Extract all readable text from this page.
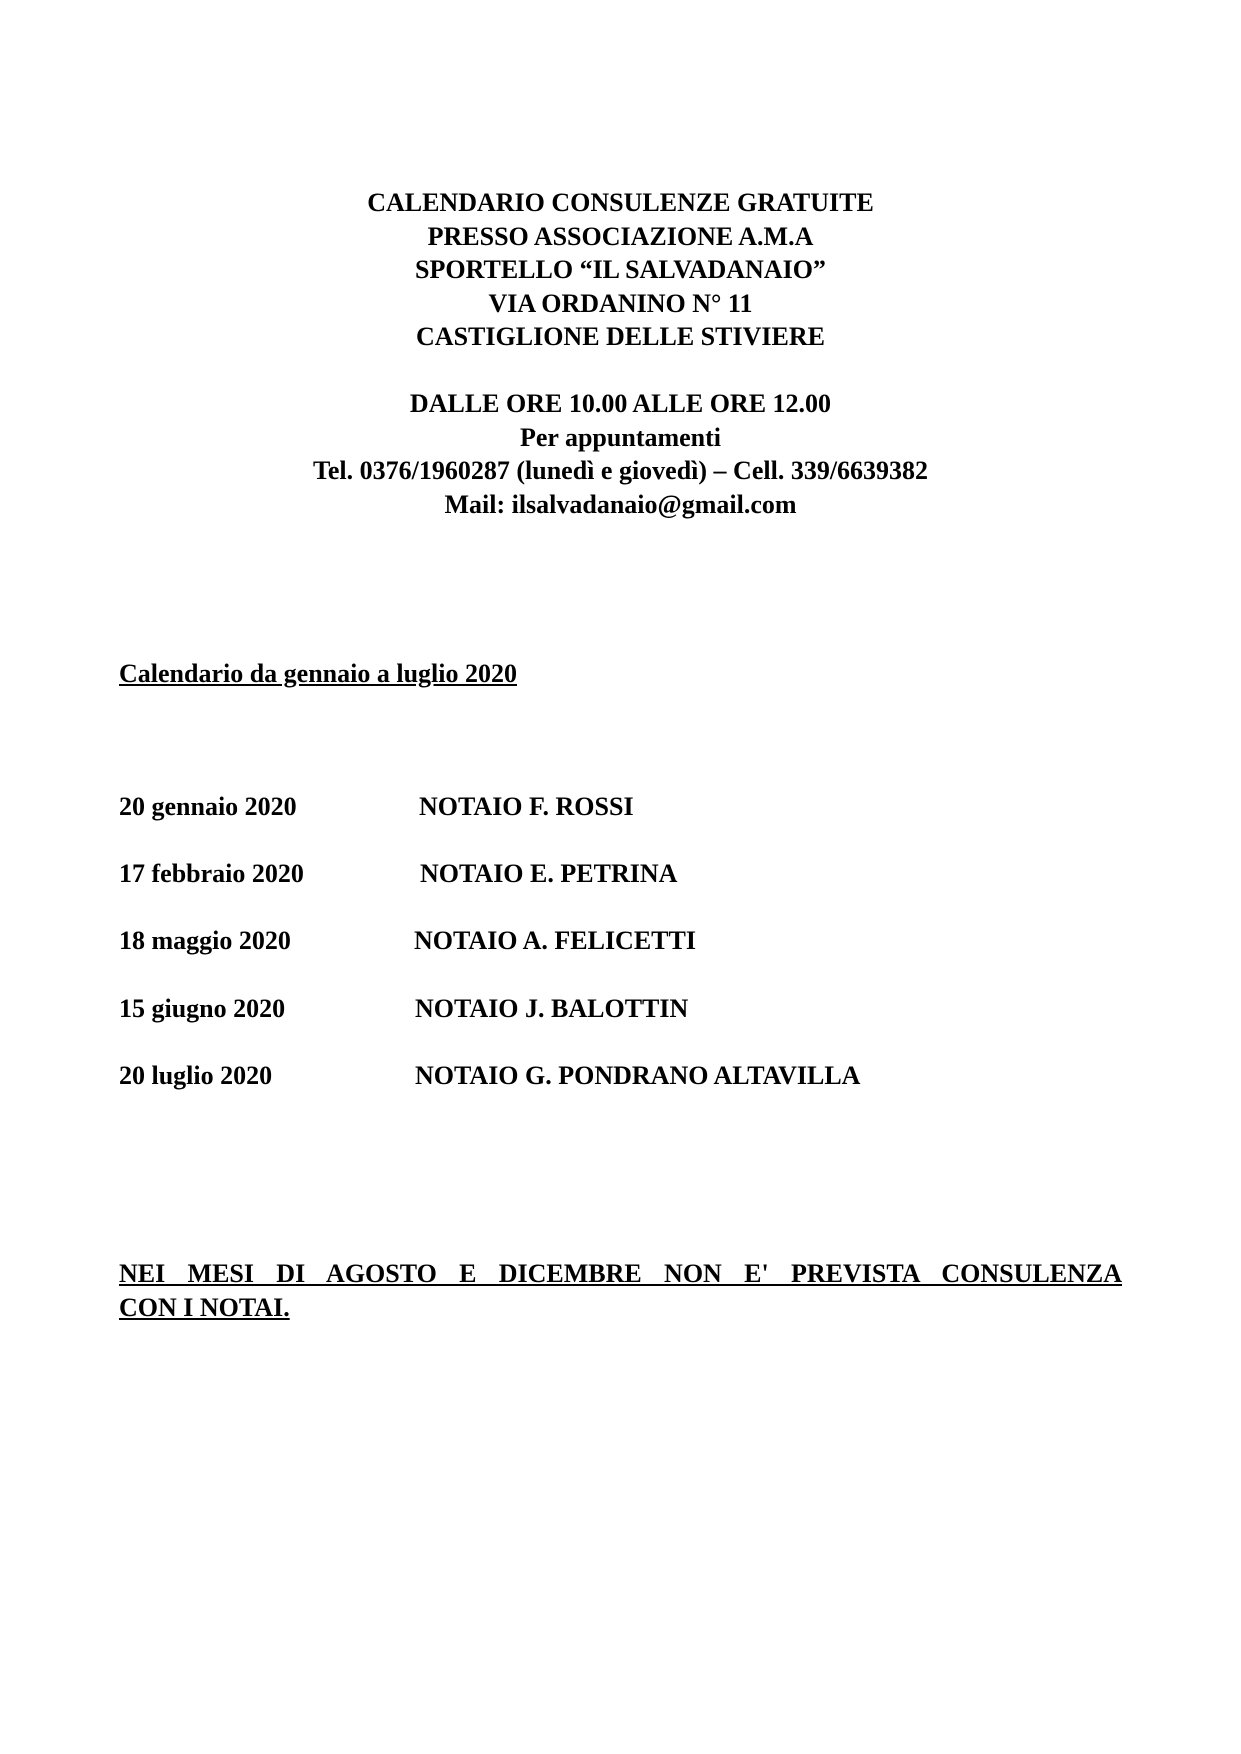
CALENDARIO CONSULENZE GRATUITE
PRESSO ASSOCIAZIONE A.M.A
SPORTELLO “IL SALVADANAIO”
VIA ORDANINO N° 11
CASTIGLIONE DELLE STIVIERE
DALLE ORE 10.00 ALLE ORE 12.00
Per appuntamenti
Tel. 0376/1960287 (lunedì e giovedì) – Cell. 339/6639382
Mail: ilsalvadanaio@gmail.com
Calendario da gennaio a luglio 2020
20 gennaio 2020	NOTAIO F. ROSSI
17 febbraio 2020	NOTAIO E. PETRINA
18 maggio 2020	NOTAIO A. FELICETTI
15 giugno 2020	NOTAIO J. BALOTTIN
20 luglio 2020	NOTAIO G. PONDRANO ALTAVILLA
NEI MESI DI AGOSTO E DICEMBRE NON E' PREVISTA CONSULENZA
CON I NOTAI.
